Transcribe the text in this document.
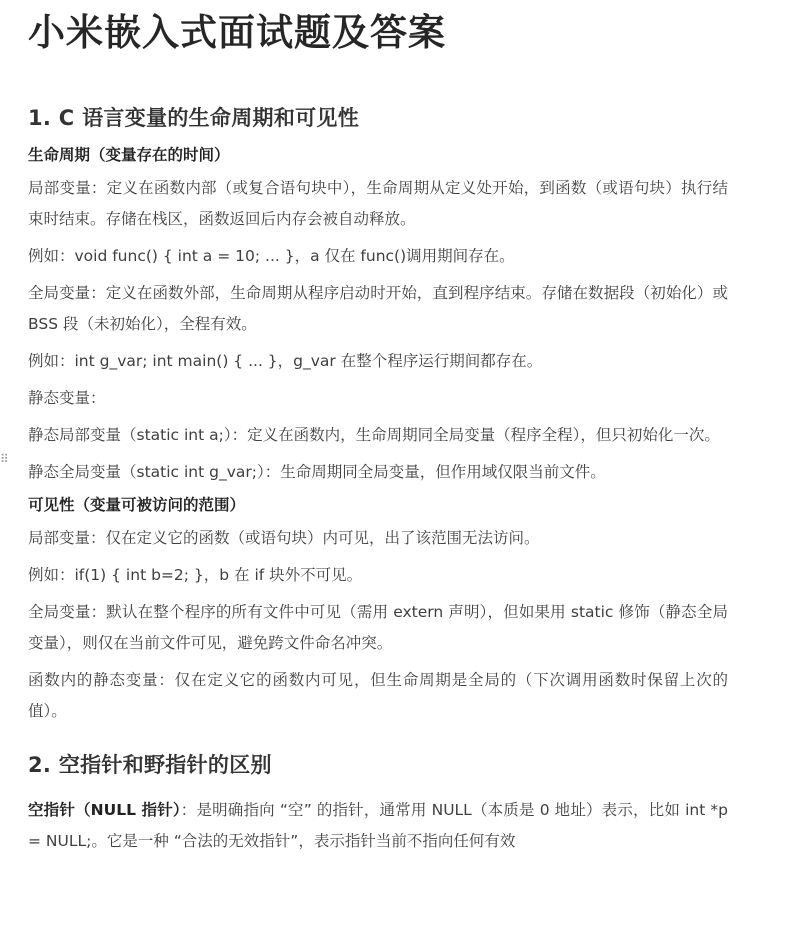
小米嵌入式面试题及答案
1. C 语言变量的生命周期和可见性

生命周期（变量存在的时间）

局部变量：定义在函数内部（或复合语句块中），生命周期从定义处开始，到函数（或语句块）执行结束时结束。存储在栈区，函数返回后内存会被自动释放。

例如：void func() { int a = 10; ... }，a 仅在 func()调用期间存在。

全局变量：定义在函数外部，生命周期从程序启动时开始，直到程序结束。存储在数据段（初始化）或 BSS 段（未初始化），全程有效。

例如：int g_var; int main() { ... }，g_var 在整个程序运行期间都存在。

静态变量：

静态局部变量（static int a;）：定义在函数内，生命周期同全局变量（程序全程），但只初始化一次。

静态全局变量（static int g_var;）：生命周期同全局变量，但作用域仅限当前文件。

可见性（变量可被访问的范围）

局部变量：仅在定义它的函数（或语句块）内可见，出了该范围无法访问。

例如：if(1) { int b=2; }，b 在 if 块外不可见。

全局变量：默认在整个程序的所有文件中可见（需用 extern 声明），但如果用 static 修饰（静态全局变量），则仅在当前文件可见，避免跨文件命名冲突。

函数内的静态变量：仅在定义它的函数内可见，但生命周期是全局的（下次调用函数时保留上次的值）。

2. 空指针和野指针的区别

空指针（NULL 指针）：是明确指向 “空” 的指针，通常用 NULL（本质是 0 地址）表示，比如 int *p = NULL;。它是一种 “合法的无效指针”，表示指针当前不指向任何有效

⠿
